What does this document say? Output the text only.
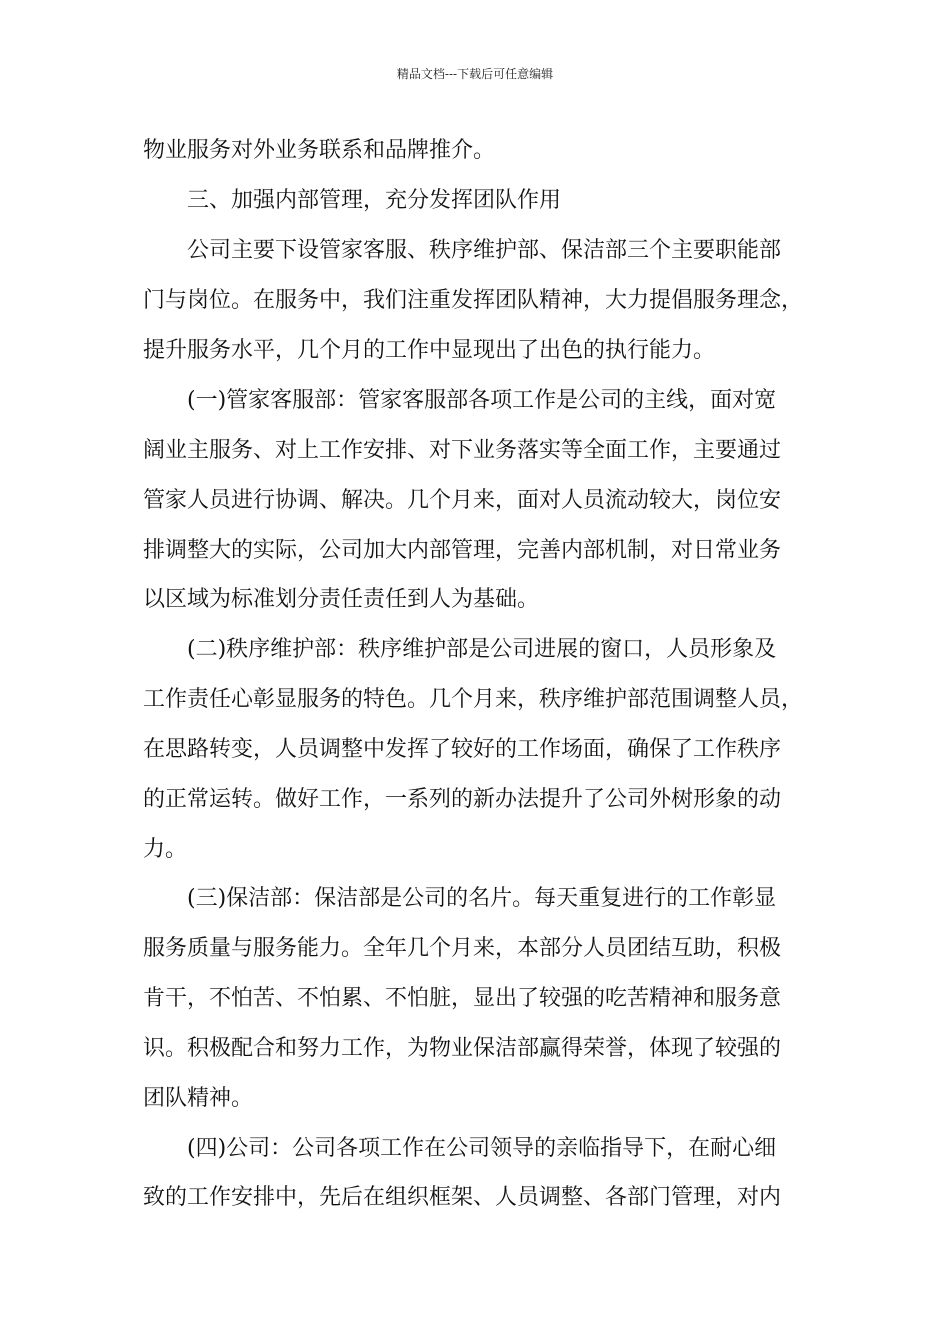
精品文档---下载后可任意编辑
物业服务对外业务联系和品牌推介。
三、加强内部管理，充分发挥团队作用
公司主要下设管家客服、秩序维护部、保洁部三个主要职能部
门与岗位。在服务中，我们注重发挥团队精神，大力提倡服务理念，
提升服务水平，几个月的工作中显现出了出色的执行能力。
(一)管家客服部：管家客服部各项工作是公司的主线，面对宽
阔业主服务、对上工作安排、对下业务落实等全面工作，主要通过
管家人员进行协调、解决。几个月来，面对人员流动较大，岗位安
排调整大的实际，公司加大内部管理，完善内部机制，对日常业务
以区域为标准划分责任责任到人为基础。
(二)秩序维护部：秩序维护部是公司进展的窗口，人员形象及
工作责任心彰显服务的特色。几个月来，秩序维护部范围调整人员，
在思路转变，人员调整中发挥了较好的工作场面，确保了工作秩序
的正常运转。做好工作，一系列的新办法提升了公司外树形象的动
力。
(三)保洁部：保洁部是公司的名片。每天重复进行的工作彰显
服务质量与服务能力。全年几个月来，本部分人员团结互助，积极
肯干，不怕苦、不怕累、不怕脏，显出了较强的吃苦精神和服务意
识。积极配合和努力工作，为物业保洁部赢得荣誉，体现了较强的
团队精神。
(四)公司：公司各项工作在公司领导的亲临指导下，在耐心细
致的工作安排中，先后在组织框架、人员调整、各部门管理，对内
